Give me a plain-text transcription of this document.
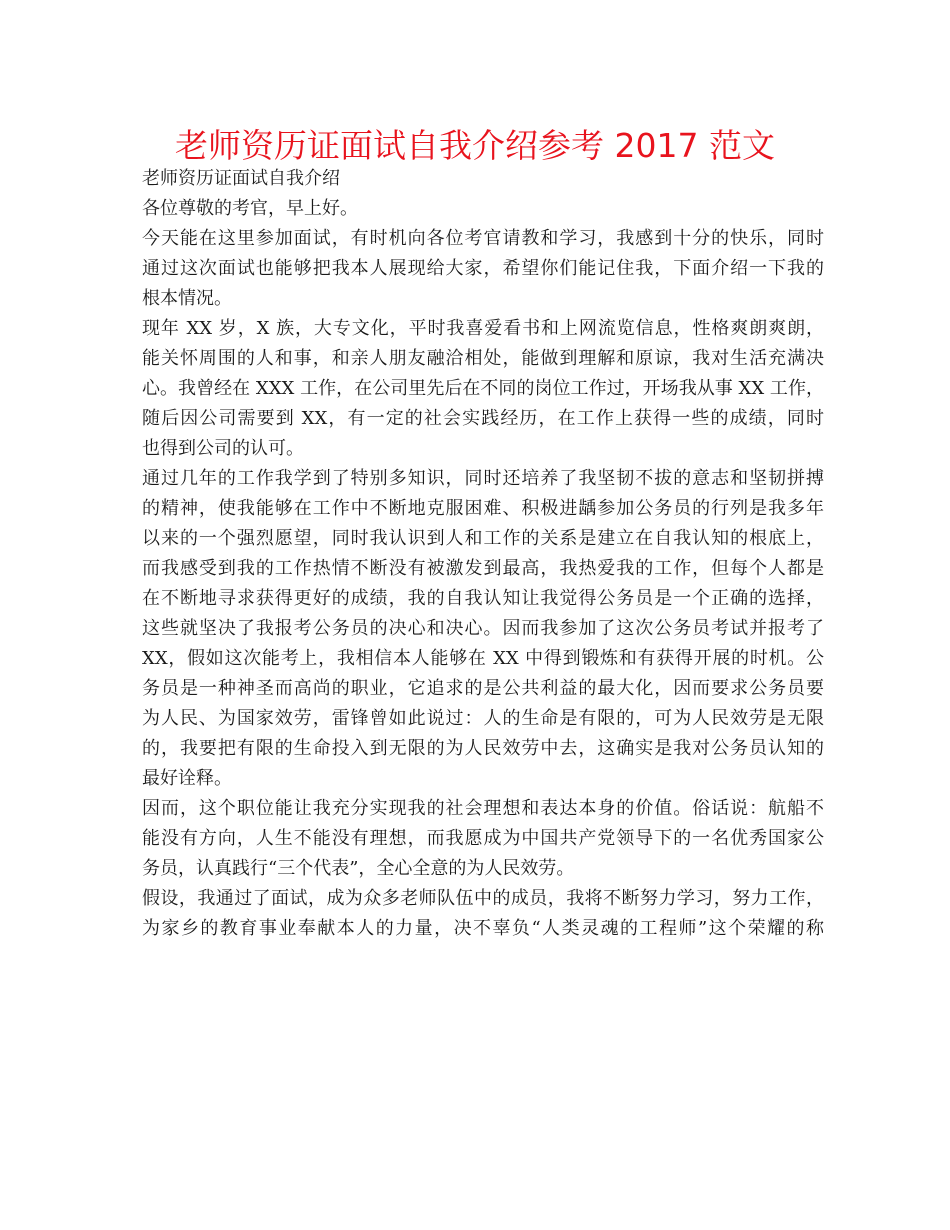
老师资历证面试自我介绍参考 2017 范文
老师资历证面试自我介绍
各位尊敬的考官，早上好。
今天能在这里参加面试，有时机向各位考官请教和学习，我感到十分的快乐，同时
通过这次面试也能够把我本人展现给大家，希望你们能记住我，下面介绍一下我的
根本情况。
现年 XX 岁，X 族，大专文化，平时我喜爱看书和上网流览信息，性格爽朗爽朗，
能关怀周围的人和事，和亲人朋友融洽相处，能做到理解和原谅，我对生活充满决
心。我曾经在 XXX 工作，在公司里先后在不同的岗位工作过，开场我从事 XX 工作，
随后因公司需要到 XX，有一定的社会实践经历，在工作上获得一些的成绩，同时
也得到公司的认可。
通过几年的工作我学到了特别多知识，同时还培养了我坚韧不拔的意志和坚韧拼搏
的精神，使我能够在工作中不断地克服困难、积极进龋参加公务员的行列是我多年
以来的一个强烈愿望，同时我认识到人和工作的关系是建立在自我认知的根底上，
而我感受到我的工作热情不断没有被激发到最高，我热爱我的工作，但每个人都是
在不断地寻求获得更好的成绩，我的自我认知让我觉得公务员是一个正确的选择，
这些就坚决了我报考公务员的决心和决心。因而我参加了这次公务员考试并报考了
XX，假如这次能考上，我相信本人能够在 XX 中得到锻炼和有获得开展的时机。公
务员是一种神圣而高尚的职业，它追求的是公共利益的最大化，因而要求公务员要
为人民、为国家效劳，雷锋曾如此说过：人的生命是有限的，可为人民效劳是无限
的，我要把有限的生命投入到无限的为人民效劳中去，这确实是我对公务员认知的
最好诠释。
因而，这个职位能让我充分实现我的社会理想和表达本身的价值。俗话说：航船不
能没有方向，人生不能没有理想，而我愿成为中国共产党领导下的一名优秀国家公
务员，认真践行“三个代表”，全心全意的为人民效劳。
假设，我通过了面试，成为众多老师队伍中的成员，我将不断努力学习，努力工作，
为家乡的教育事业奉献本人的力量，决不辜负“人类灵魂的工程师”这个荣耀的称
